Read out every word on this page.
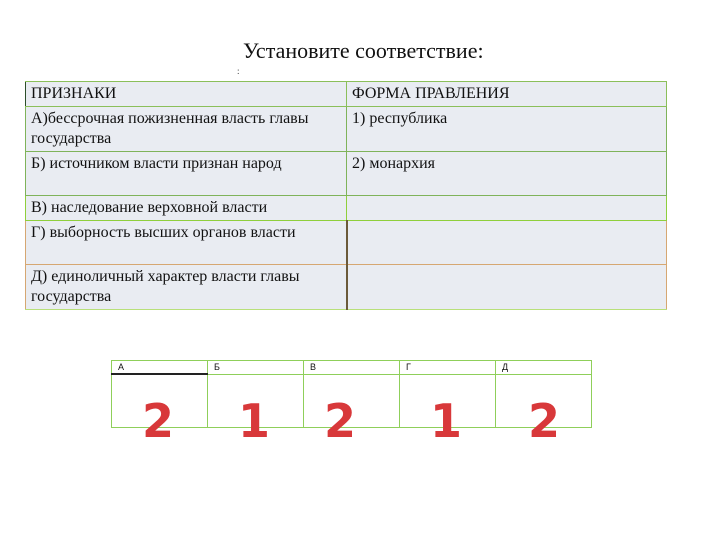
Установите соответствие:
:
ПРИЗНАКИ	ФОРМА ПРАВЛЕНИЯ
А)бессрочная пожизненная власть главы государства	1) республика
Б) источником власти признан народ	2) монархия
В) наследование верховной власти	
Г) выборность высших органов власти	
Д) единоличный характер власти главы государства	
А	Б	В	Г	Д

2	1	2	1	2
